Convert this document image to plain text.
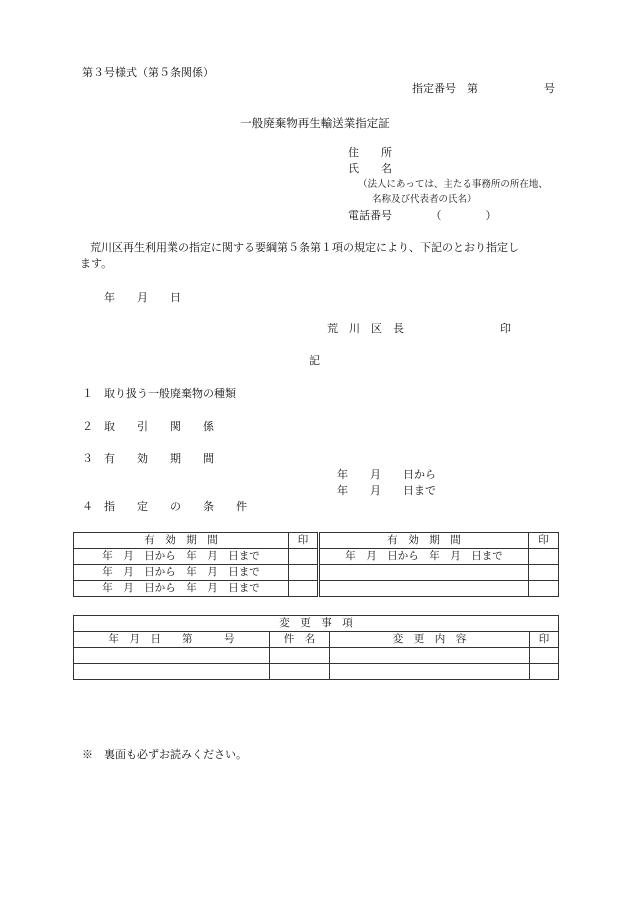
第３号様式（第５条関係）
指定番号　第　　　　　　号
一般廃棄物再生輸送業指定証
住　　所
氏　　名
（法人にあっては、主たる事務所の所在地、
名称及び代表者の氏名）
電話番号　　　　（　　　　）
荒川区再生利用業の指定に関する要綱第５条第１項の規定により、下記のとおり指定し
ます。
年　　月　　日
荒　川　区　長	印
記
１　取り扱う一般廃棄物の種類
２　取　　引　　関　　係
３　有　　効　　期　　間
年　　月　　日から
年　　月　　日まで
４　指　　定　　の　　条　　件
有　効　期　間	印	有　効　期　間	印
年　月　日から　年　月　日まで		年　月　日から　年　月　日まで	
年　月　日から　年　月　日まで			
年　月　日から　年　月　日まで			
変　更　事　項			
年　月　日　　第　　　号	件　名	変　更　内　容	印

※　裏面も必ずお読みください。
